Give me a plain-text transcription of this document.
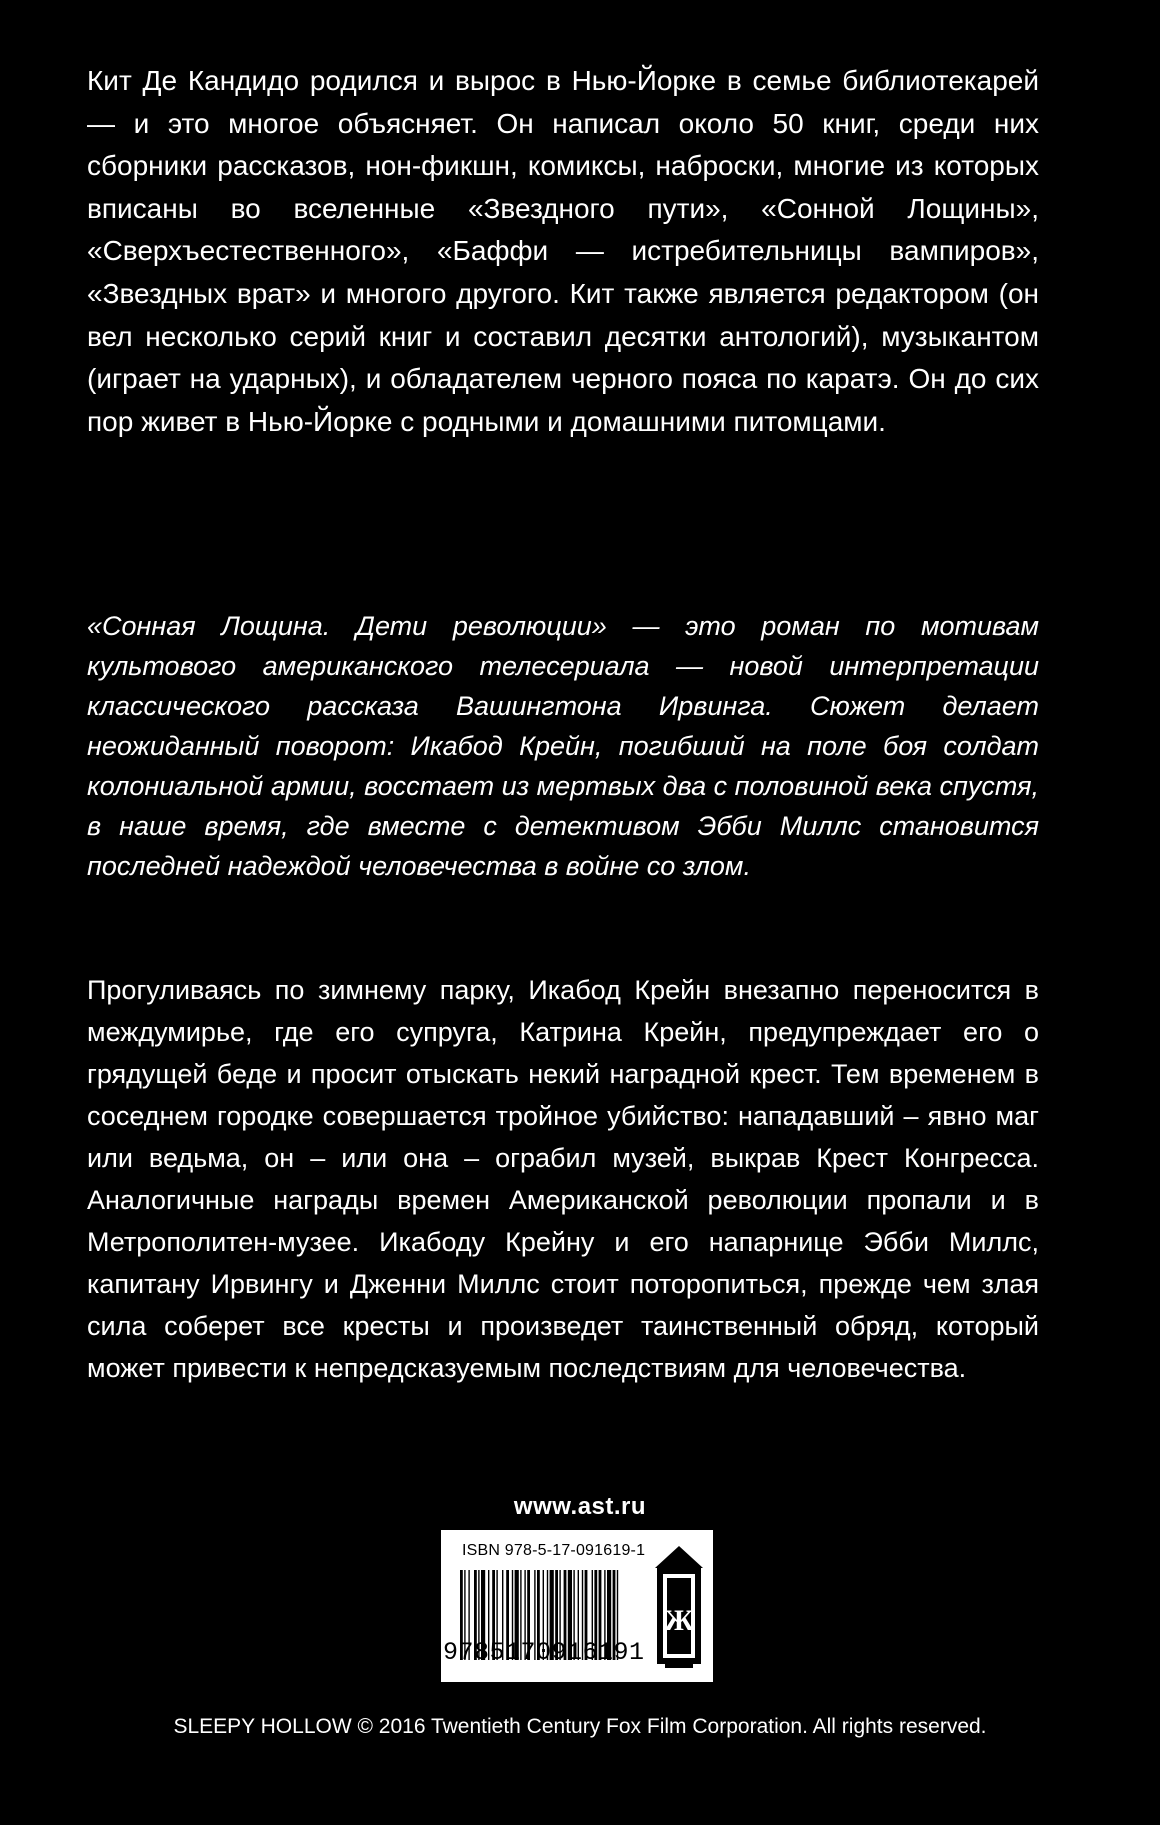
Кит Де Кандидо родился и вырос в Нью-Йорке в семье библиотекарей — и это многое объясняет. Он написал около 50 книг, среди них сборники рассказов, нон-фикшн, комиксы, наброски, многие из которых вписаны во вселенные «Звездного пути», «Сонной Лощины», «Сверхъестественного», «Баффи — истребительницы вампиров», «Звездных врат» и многого другого. Кит также является редактором (он вел несколько серий книг и составил десятки антологий), музыкантом (играет на ударных), и обладателем черного пояса по каратэ. Он до сих пор живет в Нью-Йорке с родными и домашними питомцами.

«Сонная Лощина. Дети революции» — это роман по мотивам культового американского телесериала — новой интерпретации классического рассказа Вашингтона Ирвинга. Сюжет делает неожиданный поворот: Икабод Крейн, погибший на поле боя солдат колониальной армии, восстает из мертвых два с половиной века спустя, в наше время, где вместе с детективом Эбби Миллс становится последней надеждой человечества в войне со злом.

Прогуливаясь по зимнему парку, Икабод Крейн внезапно переносится в междумирье, где его супруга, Катрина Крейн, предупреждает его о грядущей беде и просит отыскать некий наградной крест. Тем временем в соседнем городке совершается тройное убийство: нападавший – явно маг или ведьма, он – или она – ограбил музей, выкрав Крест Конгресса. Аналогичные награды времен Американской революции пропали и в Метрополитен-музее. Икабоду Крейну и его напарнице Эбби Миллс, капитану Ирвингу и Дженни Миллс стоит поторопиться, прежде чем злая сила соберет все кресты и произведет таинственный обряд, который может привести к непредсказуемым последствиям для человечества.

www.ast.ru
ISBN 978-5-17-091619-1
9785170916191
Ж
SLEEPY HOLLOW © 2016 Twentieth Century Fox Film Corporation. All rights reserved.
